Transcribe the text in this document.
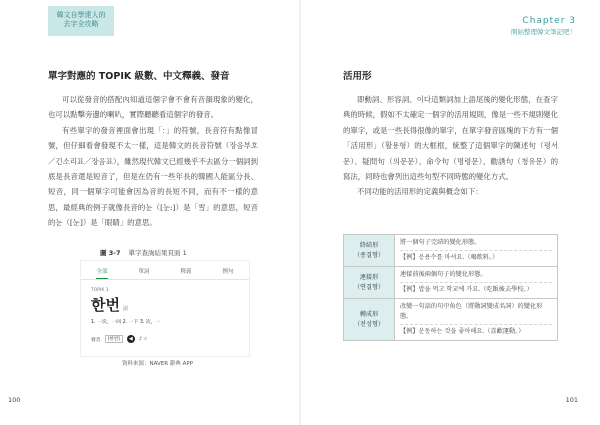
韓文自學達人的
去字全攻略
單字對應的 TOPIK 級數、中文釋義、發音

可以從發音的搭配內知道這個字會不會有音韻現象的變化，也可以點擊旁邊的喇叭，實際聽聽看這個字的發音。

有些單字的發音裡面會出現「：」的符號，長音符有點像冒號，但仔細看會發現不太一樣，這是韓文的長音符號（장음부호／긴소리표／장음표），雖然現代韓文已經幾乎不去區分一個詞到底是長音還是短音了，但是在仍有一些年長的韓國人能區分長、短音，同一個單字可能會因為音的長短不同，而有不一樣的意思，最經典的例子就像長音的눈（[눈:]）是「雪」的意思，短音的눈（[눈]）是「眼睛」的意思。

圖 3-7 單字查詢結果頁面 1
全部	單詞	釋義	例句
TOPIK 1
한번 副
1. 一次，一回 2. 一下 3. 次，一
發音	[한번]	◀	♪ ☆
資料來源：NAVER 辭典 APP
100
Chapter 3
開始整理韓文筆記吧！
活用形

即動詞、形容詞、이다這類詞加上語尾後的變化形態，在查字典的時候，假如不太確定一個字的活用規則，像是一些不規則變化的單字，或是一些長得很像的單字，在單字發音區塊的下方有一個「活用形」（활용형）的大框框，統整了這個單字的陳述句（평서문）、疑問句（의문문）、命令句（명령문）、勸誘句（청유문）的寫法，同時也會列出這些句型不同時態的變化方式。

不同功能的活用形的定義與概念如下：

終結形
（종결형）	將一個句子完結的變化形態。
【例】응용수를 마셔요.（喝飲料。）

連接形
（연결형）	連接前後兩個句子的變化形態。
【例】밥을 먹고 학교에 가요.（吃飯後去學校。）

轉成形
（전성형）	改變一句話的句中角色（將動詞變成名詞）的變化形態。
【例】운동하는 것을 좋아해요.（喜歡運動。）
101
